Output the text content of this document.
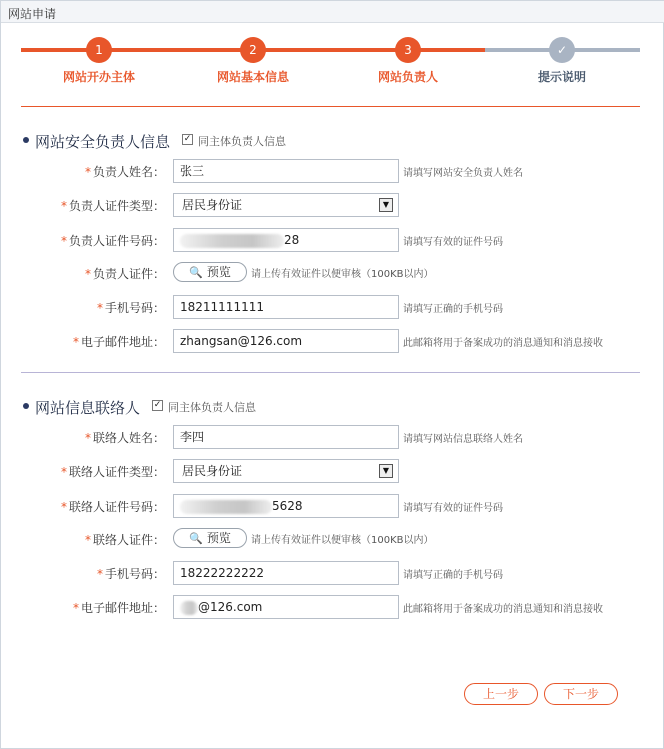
网站申请
1	2	3	✓
网站开办主体	网站基本信息	网站负责人	提示说明
网站安全负责人信息 ✓ 同主体负责人信息
* 负责人姓名：	张三	请填写网站安全负责人姓名
* 负责人证件类型：	居民身份证	▼
* 负责人证件号码：	28	请填写有效的证件号码
* 负责人证件：	🔍 预览	请上传有效证件以便审核（100KB以内）
* 手机号码：	18211111111	请填写正确的手机号码
* 电子邮件地址：	zhangsan@126.com	此邮箱将用于备案成功的消息通知和消息接收
网站信息联络人 ✓ 同主体负责人信息
* 联络人姓名：	李四	请填写网站信息联络人姓名
* 联络人证件类型：	居民身份证	▼
* 联络人证件号码：	5628	请填写有效的证件号码
* 联络人证件：	🔍 预览	请上传有效证件以便审核（100KB以内）
* 手机号码：	18222222222	请填写正确的手机号码
* 电子邮件地址：	@126.com	此邮箱将用于备案成功的消息通知和消息接收
上一步	下一步
